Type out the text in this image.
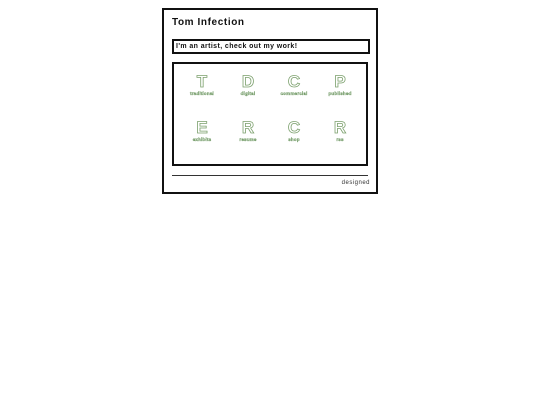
Tom Infection
I'm an artist, check out my work!
T
traditional
D
digital
C
commercial
P
published
E
exhibits
R
resume
C
shop
R
rss
designed
